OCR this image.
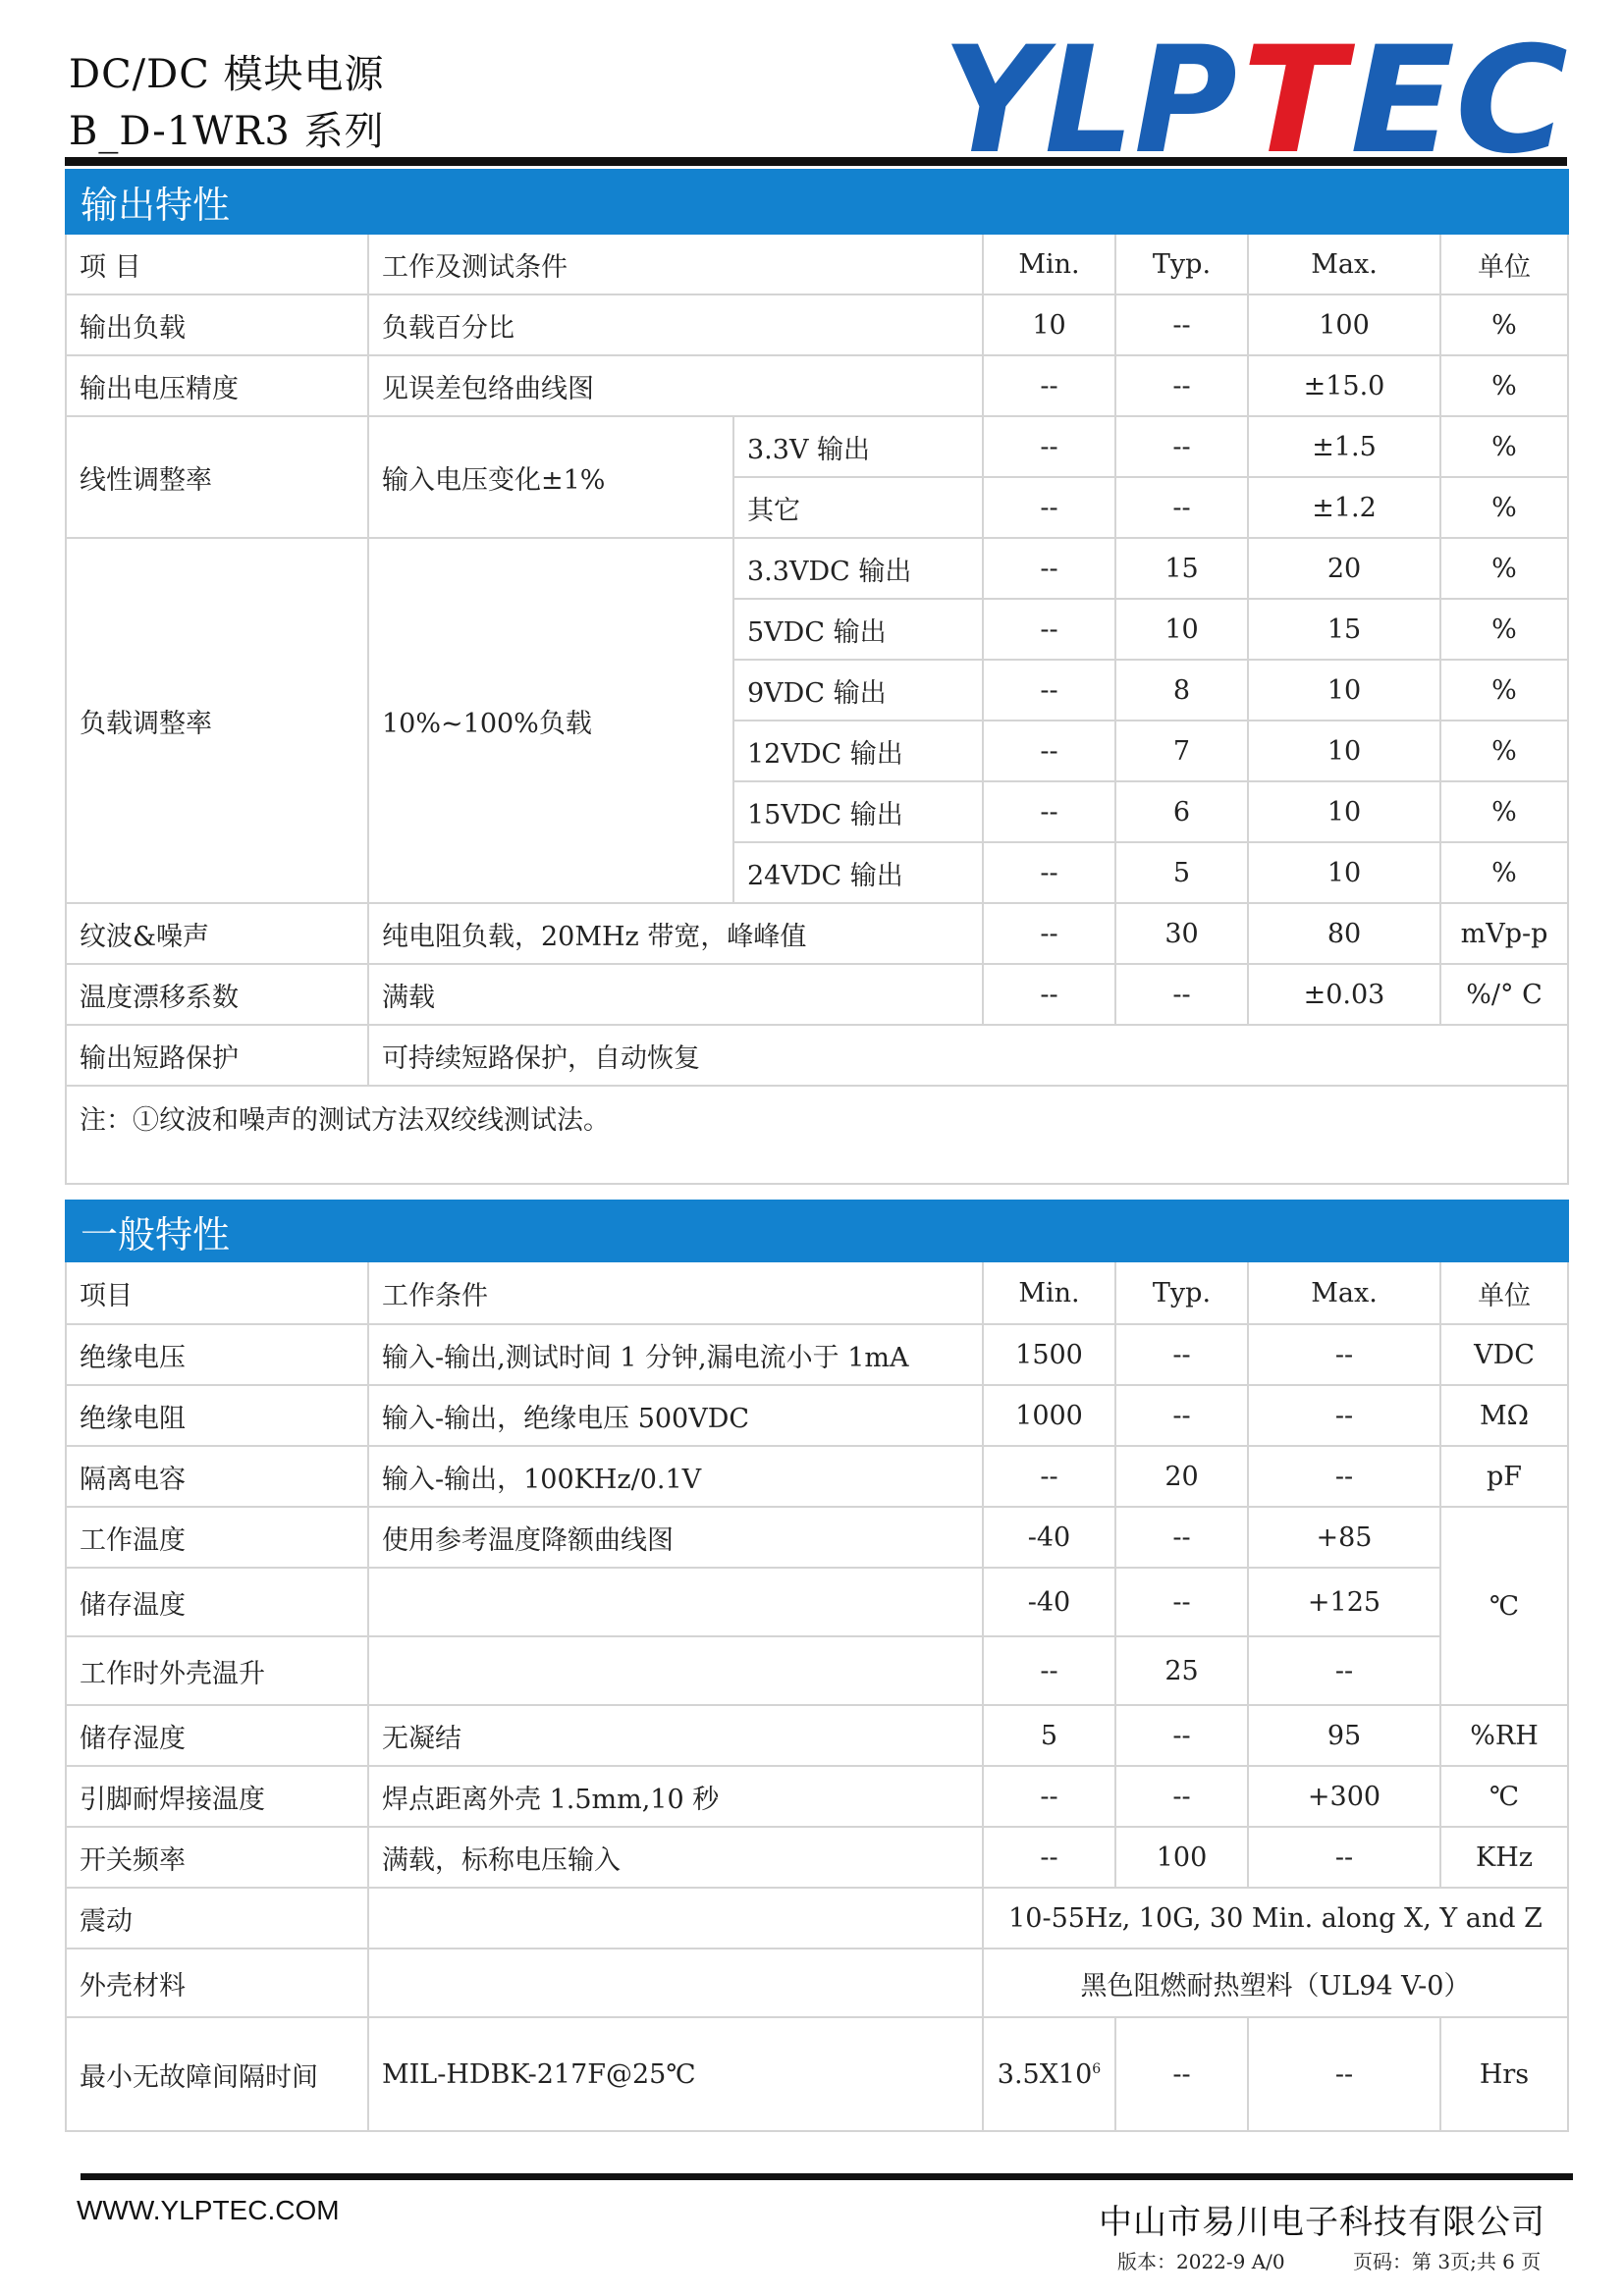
DC/DC 模块电源
B_D-1WR3 系列	YLP T
EC
输出特性						
项 目	工作及测试条件		Min.	Typ.	Max.	单位
输出负载	负载百分比		10	--	100	%
输出电压精度	见误差包络曲线图		--	--	±15.0	%
线性调整率	输入电压变化±1%	3.3V 输出	--	--	±1.5	%
		其它	--	--	±1.2	%
负载调整率	10%~100%负载	3.3VDC 输出	--	15	20	%
		5VDC 输出	--	10	15	%
		9VDC 输出	--	8	10	%
		12VDC 输出	--	7	10	%
		15VDC 输出	--	6	10	%
		24VDC 输出	--	5	10	%
纹波&噪声	纯电阻负载，20MHz 带宽，峰峰值		--	30	80	mVp-p
温度漂移系数	满载		--	--	±0.03	%/° C
输出短路保护	可持续短路保护，自动恢复					
注：①纹波和噪声的测试方法双绞线测试法。						
一般特性					
项目	工作条件	Min.	Typ.	Max.	单位
绝缘电压	输入-输出,测试时间 1 分钟,漏电流小于 1mA	1500	--	--	VDC
绝缘电阻	输入-输出，绝缘电压 500VDC	1000	--	--	MΩ
隔离电容	输入-输出，100KHz/0.1V	--	20	--	pF
工作温度	使用参考温度降额曲线图	-40	--	+85	℃
储存温度		-40	--	+125	
工作时外壳温升		--	25	--	
储存湿度	无凝结	5	--	95	%RH
引脚耐焊接温度	焊点距离外壳 1.5mm,10 秒	--	--	+300	℃
开关频率	满载，标称电压输入	--	100	--	KHz
震动		10-55Hz, 10G, 30 Min. along X, Y and Z			
外壳材料		黑色阻燃耐热塑料（UL94 V-0）			
最小无故障间隔时间	MIL-HDBK-217F@25℃	$3.5X10^6$	--	--	Hrs
WWW.YLPTEC.COM	中山市易川电子科技有限公司
版本：2022-9 A/0	页码：第 3页;共 6 页
